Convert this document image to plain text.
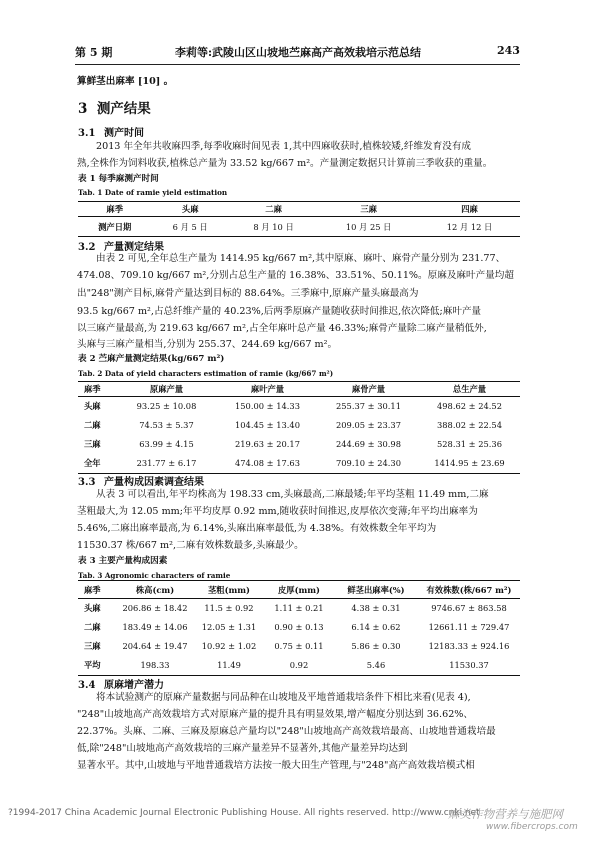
第 5 期	李莉等:武陵山区山坡地苎麻高产高效栽培示范总结	243
算鲜茎出麻率 [10] 。
3 测产结果
3.1 测产时间
2013 年全年共收麻四季,每季收麻时间见表 1,其中四麻收获时,植株较矮,纤维发育没有成
熟,全株作为饲料收获,植株总产量为 33.52 kg/667 m²。产量测定数据只计算前三季收获的重量。
表 1 每季麻测产时间
Tab. 1 Date of ramie yield estimation
麻季	头麻	二麻	三麻	四麻
测产日期	6 月 5 日	8 月 10 日	10 月 25 日	12 月 12 日
3.2 产量测定结果
由表 2 可见,全年总生产量为 1414.95 kg/667 m²,其中原麻、麻叶、麻骨产量分别为 231.77、
474.08、709.10 kg/667 m²,分别占总生产量的 16.38%、33.51%、50.11%。原麻及麻叶产量均超
出"248"测产目标,麻骨产量达到目标的 88.64%。三季麻中,原麻产量头麻最高为
93.5 kg/667 m²,占总纤维产量的 40.23%,后两季原麻产量随收获时间推迟,依次降低;麻叶产量
以三麻产量最高,为 219.63 kg/667 m²,占全年麻叶总产量 46.33%;麻骨产量除二麻产量稍低外,
头麻与三麻产量相当,分别为 255.37、244.69 kg/667 m²。
表 2 苎麻产量测定结果(kg/667 m²)
Tab. 2 Data of yield characters estimation of ramie (kg/667 m²)
麻季	原麻产量	麻叶产量	麻骨产量	总生产量
头麻	93.25 ± 10.08	150.00 ± 14.33	255.37 ± 30.11	498.62 ± 24.52
二麻	74.53 ± 5.37	104.45 ± 13.40	209.05 ± 23.37	388.02 ± 22.54
三麻	63.99 ± 4.15	219.63 ± 20.17	244.69 ± 30.98	528.31 ± 25.36
全年	231.77 ± 6.17	474.08 ± 17.63	709.10 ± 24.30	1414.95 ± 23.69
3.3 产量构成因素调查结果
从表 3 可以看出,年平均株高为 198.33 cm,头麻最高,二麻最矮;年平均茎粗 11.49 mm,二麻
茎粗最大,为 12.05 mm;年平均皮厚 0.92 mm,随收获时间推迟,皮厚依次变薄;年平均出麻率为
5.46%,二麻出麻率最高,为 6.14%,头麻出麻率最低,为 4.38%。有效株数全年平均为
11530.37 株/667 m²,二麻有效株数最多,头麻最少。
表 3 主要产量构成因素
Tab. 3 Agronomic characters of ramie
麻季	株高(cm)	茎粗(mm)	皮厚(mm)	鲜茎出麻率(%)	有效株数(株/667 m²)
头麻	206.86 ± 18.42	11.5 ± 0.92	1.11 ± 0.21	4.38 ± 0.31	9746.67 ± 863.58
二麻	183.49 ± 14.06	12.05 ± 1.31	0.90 ± 0.13	6.14 ± 0.62	12661.11 ± 729.47
三麻	204.64 ± 19.47	10.92 ± 1.02	0.75 ± 0.11	5.86 ± 0.30	12183.33 ± 924.16
平均	198.33	11.49	0.92	5.46	11530.37
3.4 原麻增产潜力
将本试验测产的原麻产量数据与同品种在山坡地及平地普通栽培条件下相比来看(见表 4),
"248"山坡地高产高效栽培方式对原麻产量的提升具有明显效果,增产幅度分别达到 36.62%、
22.37%。头麻、二麻、三麻及原麻总产量均以"248"山坡地高产高效栽培最高、山坡地普通栽培最
低,除"248"山坡地高产高效栽培的三麻产量差异不显著外,其他产量差异均达到
显著水平。其中,山坡地与平地普通栽培方法按一般大田生产管理,与"248"高产高效栽培模式相
?1994-2017 China Academic Journal Electronic Publishing House. All rights reserved. http://www.cnki.net
麻类作物营养与施肥网
www.fibercrops.com
